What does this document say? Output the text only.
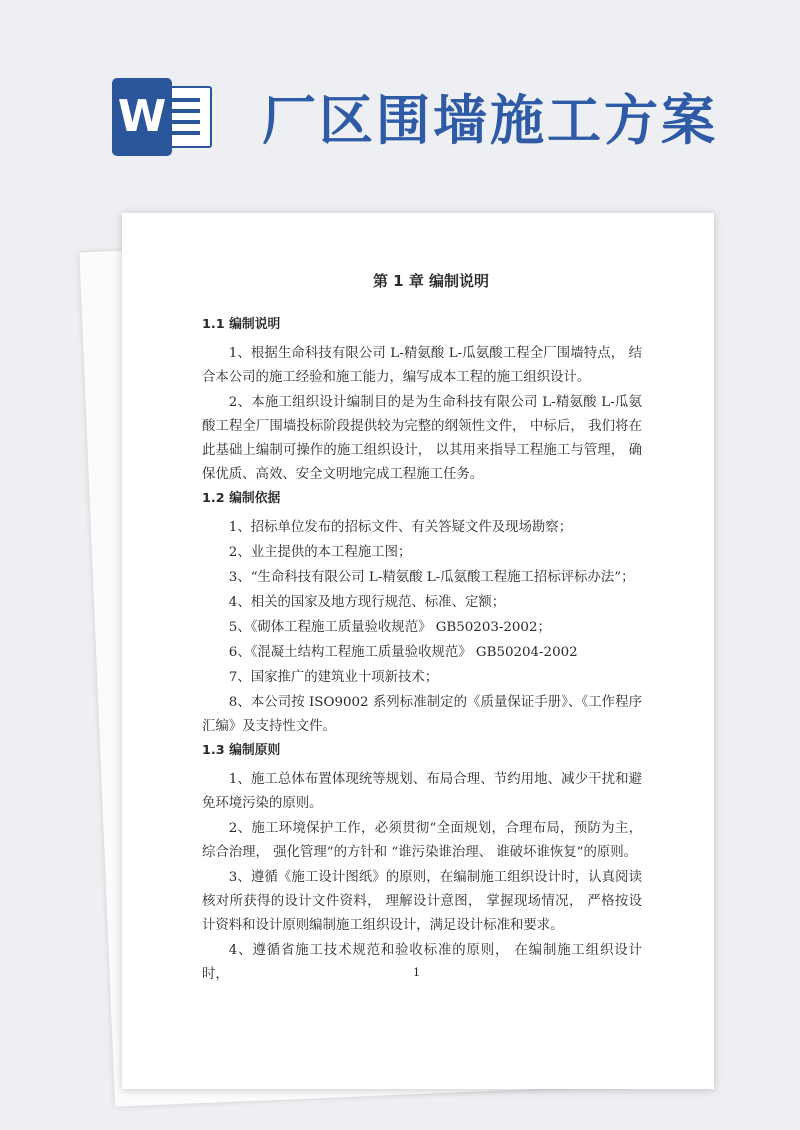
W 厂区围墙施工方案
第 1 章 编制说明
1.1 编制说明
1、根据生命科技有限公司 L-精氨酸 L-瓜氨酸工程全厂围墙特点， 结合本公司的施工经验和施工能力，编写成本工程的施工组织设计。
2、本施工组织设计编制目的是为生命科技有限公司 L-精氨酸 L-瓜氨酸工程全厂围墙投标阶段提供较为完整的纲领性文件， 中标后， 我们将在此基础上编制可操作的施工组织设计， 以其用来指导工程施工与管理， 确保优质、高效、安全文明地完成工程施工任务。
1.2 编制依据
1、招标单位发布的招标文件、有关答疑文件及现场勘察；
2、业主提供的本工程施工图；
3、“生命科技有限公司 L-精氨酸 L-瓜氨酸工程施工招标评标办法”；
4、相关的国家及地方现行规范、标准、定额；
5、《砌体工程施工质量验收规范》 GB50203-2002；
6、《混凝土结构工程施工质量验收规范》 GB50204-2002
7、国家推广的建筑业十项新技术；
8、本公司按 ISO9002 系列标准制定的《质量保证手册》、《工作程序汇编》及支持性文件。
1.3 编制原则
1、施工总体布置体现统等规划、布局合理、节约用地、减少干扰和避免环境污染的原则。
2、施工环境保护工作，必须贯彻“全面规划，合理布局，预防为主，综合治理， 强化管理”的方针和 “谁污染谁治理、 谁破坏谁恢复”的原则。
3、遵循《施工设计图纸》的原则，在编制施工组织设计时，认真阅读核对所获得的设计文件资料， 理解设计意图， 掌握现场情况， 严格按设计资料和设计原则编制施工组织设计，满足设计标准和要求。
4、遵循省施工技术规范和验收标准的原则， 在编制施工组织设计时，	1
